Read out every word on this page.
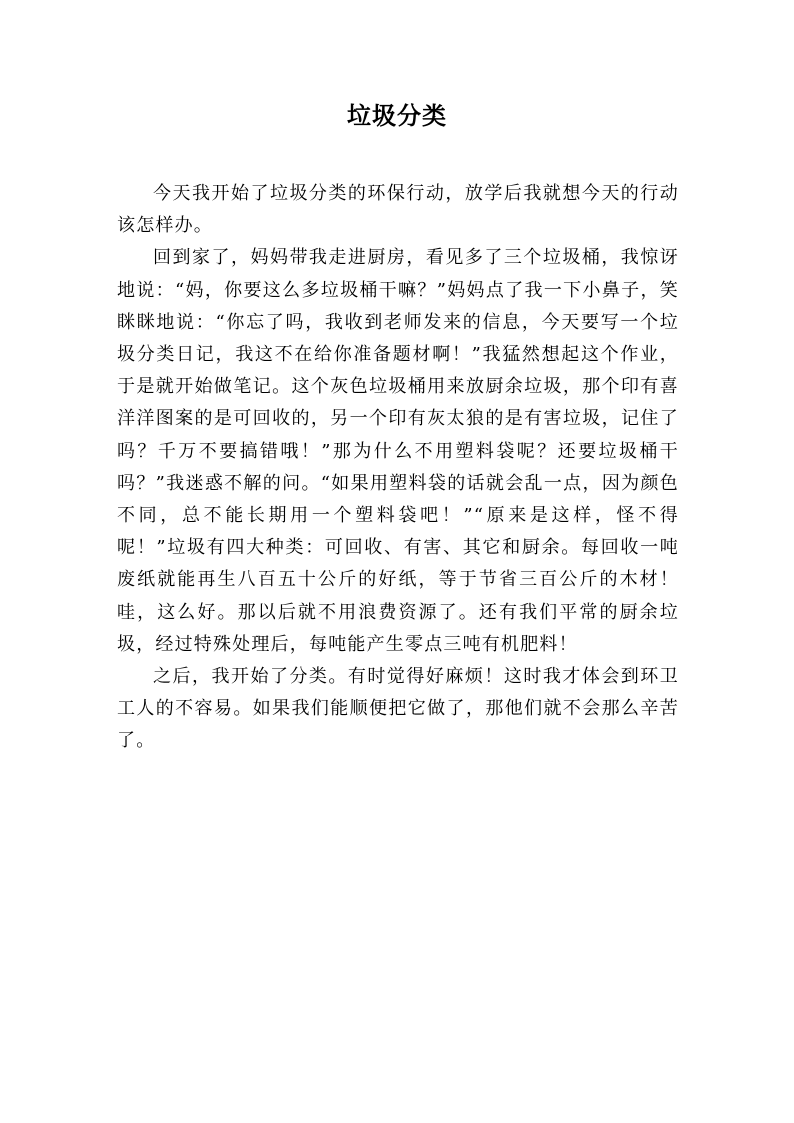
垃圾分类

今天我开始了垃圾分类的环保行动，放学后我就想今天的行动该怎样办。

回到家了，妈妈带我走进厨房，看见多了三个垃圾桶，我惊讶地说：“妈，你要这么多垃圾桶干嘛？”妈妈点了我一下小鼻子，笑眯眯地说：“你忘了吗，我收到老师发来的信息，今天要写一个垃圾分类日记，我这不在给你准备题材啊！”我猛然想起这个作业，于是就开始做笔记。这个灰色垃圾桶用来放厨余垃圾，那个印有喜洋洋图案的是可回收的，另一个印有灰太狼的是有害垃圾，记住了吗？千万不要搞错哦！”那为什么不用塑料袋呢？还要垃圾桶干吗？”我迷惑不解的问。“如果用塑料袋的话就会乱一点，因为颜色不同，总不能长期用一个塑料袋吧！”“原来是这样，怪不得呢！”垃圾有四大种类：可回收、有害、其它和厨余。每回收一吨废纸就能再生八百五十公斤的好纸，等于节省三百公斤的木材！哇，这么好。那以后就不用浪费资源了。还有我们平常的厨余垃圾，经过特殊处理后，每吨能产生零点三吨有机肥料！

之后，我开始了分类。有时觉得好麻烦！这时我才体会到环卫工人的不容易。如果我们能顺便把它做了，那他们就不会那么辛苦了。
